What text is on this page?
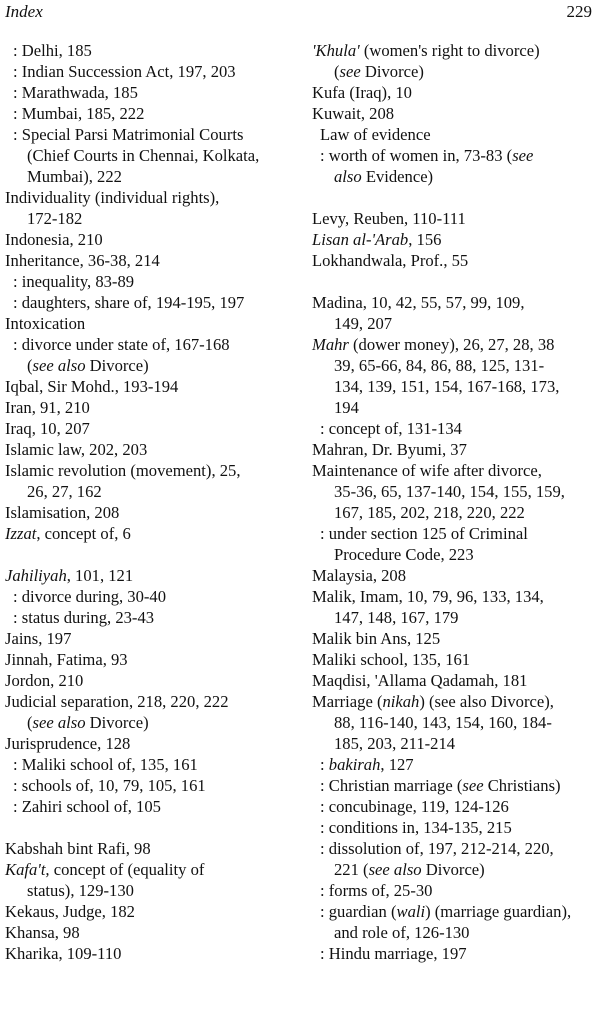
Index	229
: Delhi, 185
: Indian Succession Act, 197, 203
: Marathwada, 185
: Mumbai, 185, 222
: Special Parsi Matrimonial Courts
(Chief Courts in Chennai, Kolkata,
Mumbai), 222
Individuality (individual rights),
172-182
Indonesia, 210
Inheritance, 36-38, 214
: inequality, 83-89
: daughters, share of, 194-195, 197
Intoxication
: divorce under state of, 167-168
(see also Divorce)
Iqbal, Sir Mohd., 193-194
Iran, 91, 210
Iraq, 10, 207
Islamic law, 202, 203
Islamic revolution (movement), 25,
26, 27, 162
Islamisation, 208
Izzat, concept of, 6
Jahiliyah, 101, 121
: divorce during, 30-40
: status during, 23-43
Jains, 197
Jinnah, Fatima, 93
Jordon, 210
Judicial separation, 218, 220, 222
(see also Divorce)
Jurisprudence, 128
: Maliki school of, 135, 161
: schools of, 10, 79, 105, 161
: Zahiri school of, 105
Kabshah bint Rafi, 98
Kafa't, concept of (equality of
status), 129-130
Kekaus, Judge, 182
Khansa, 98
Kharika, 109-110
'Khula' (women's right to divorce)
(see Divorce)
Kufa (Iraq), 10
Kuwait, 208
Law of evidence
: worth of women in, 73-83 (see
also Evidence)
Levy, Reuben, 110-111
Lisan al-'Arab, 156
Lokhandwala, Prof., 55
Madina, 10, 42, 55, 57, 99, 109,
149, 207
Mahr (dower money), 26, 27, 28, 38
39, 65-66, 84, 86, 88, 125, 131-
134, 139, 151, 154, 167-168, 173,
194
: concept of, 131-134
Mahran, Dr. Byumi, 37
Maintenance of wife after divorce,
35-36, 65, 137-140, 154, 155, 159,
167, 185, 202, 218, 220, 222
: under section 125 of Criminal
Procedure Code, 223
Malaysia, 208
Malik, Imam, 10, 79, 96, 133, 134,
147, 148, 167, 179
Malik bin Ans, 125
Maliki school, 135, 161
Maqdisi, 'Allama Qadamah, 181
Marriage (nikah) (see also Divorce),
88, 116-140, 143, 154, 160, 184-
185, 203, 211-214
: bakirah, 127
: Christian marriage (see Christians)
: concubinage, 119, 124-126
: conditions in, 134-135, 215
: dissolution of, 197, 212-214, 220,
221 (see also Divorce)
: forms of, 25-30
: guardian (wali) (marriage guardian),
and role of, 126-130
: Hindu marriage, 197
